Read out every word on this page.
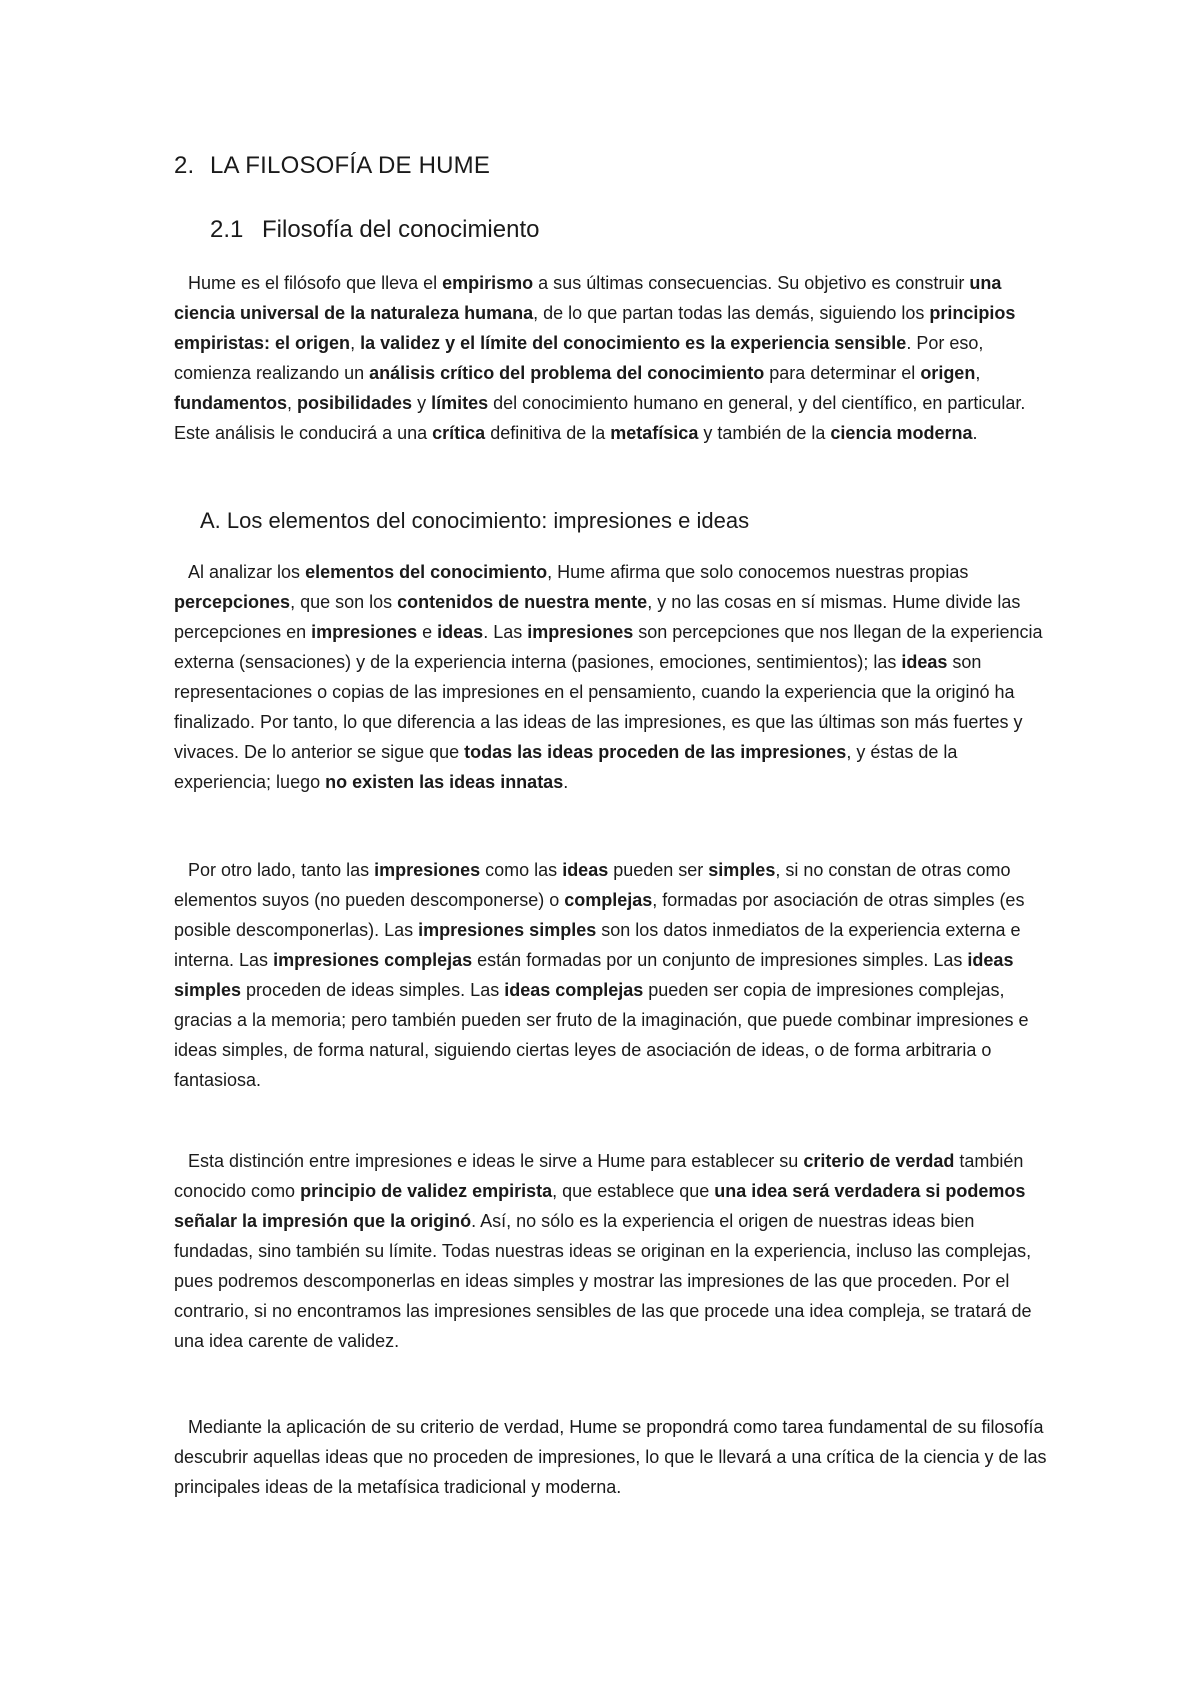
2. LA FILOSOFÍA DE HUME
2.1 Filosofía del conocimiento

Hume es el filósofo que lleva el empirismo a sus últimas consecuencias. Su objetivo es construir una ciencia universal de la naturaleza humana, de lo que partan todas las demás, siguiendo los principios empiristas: el origen, la validez y el límite del conocimiento es la experiencia sensible. Por eso, comienza realizando un análisis crítico del problema del conocimiento para determinar el origen, fundamentos, posibilidades y límites del conocimiento humano en general, y del científico, en particular. Este análisis le conducirá a una crítica definitiva de la metafísica y también de la ciencia moderna.

A. Los elementos del conocimiento: impresiones e ideas

Al analizar los elementos del conocimiento, Hume afirma que solo conocemos nuestras propias percepciones, que son los contenidos de nuestra mente, y no las cosas en sí mismas. Hume divide las percepciones en impresiones e ideas. Las impresiones son percepciones que nos llegan de la experiencia externa (sensaciones) y de la experiencia interna (pasiones, emociones, sentimientos); las ideas son representaciones o copias de las impresiones en el pensamiento, cuando la experiencia que la originó ha finalizado. Por tanto, lo que diferencia a las ideas de las impresiones, es que las últimas son más fuertes y vivaces. De lo anterior se sigue que todas las ideas proceden de las impresiones, y éstas de la experiencia; luego no existen las ideas innatas.

Por otro lado, tanto las impresiones como las ideas pueden ser simples, si no constan de otras como elementos suyos (no pueden descomponerse) o complejas, formadas por asociación de otras simples (es posible descomponerlas). Las impresiones simples son los datos inmediatos de la experiencia externa e interna. Las impresiones complejas están formadas por un conjunto de impresiones simples. Las ideas simples proceden de ideas simples. Las ideas complejas pueden ser copia de impresiones complejas, gracias a la memoria; pero también pueden ser fruto de la imaginación, que puede combinar impresiones e ideas simples, de forma natural, siguiendo ciertas leyes de asociación de ideas, o de forma arbitraria o fantasiosa.

Esta distinción entre impresiones e ideas le sirve a Hume para establecer su criterio de verdad también conocido como principio de validez empirista, que establece que una idea será verdadera si podemos señalar la impresión que la originó. Así, no sólo es la experiencia el origen de nuestras ideas bien fundadas, sino también su límite. Todas nuestras ideas se originan en la experiencia, incluso las complejas, pues podremos descomponerlas en ideas simples y mostrar las impresiones de las que proceden. Por el contrario, si no encontramos las impresiones sensibles de las que procede una idea compleja, se tratará de una idea carente de validez.

Mediante la aplicación de su criterio de verdad, Hume se propondrá como tarea fundamental de su filosofía descubrir aquellas ideas que no proceden de impresiones, lo que le llevará a una crítica de la ciencia y de las principales ideas de la metafísica tradicional y moderna.
